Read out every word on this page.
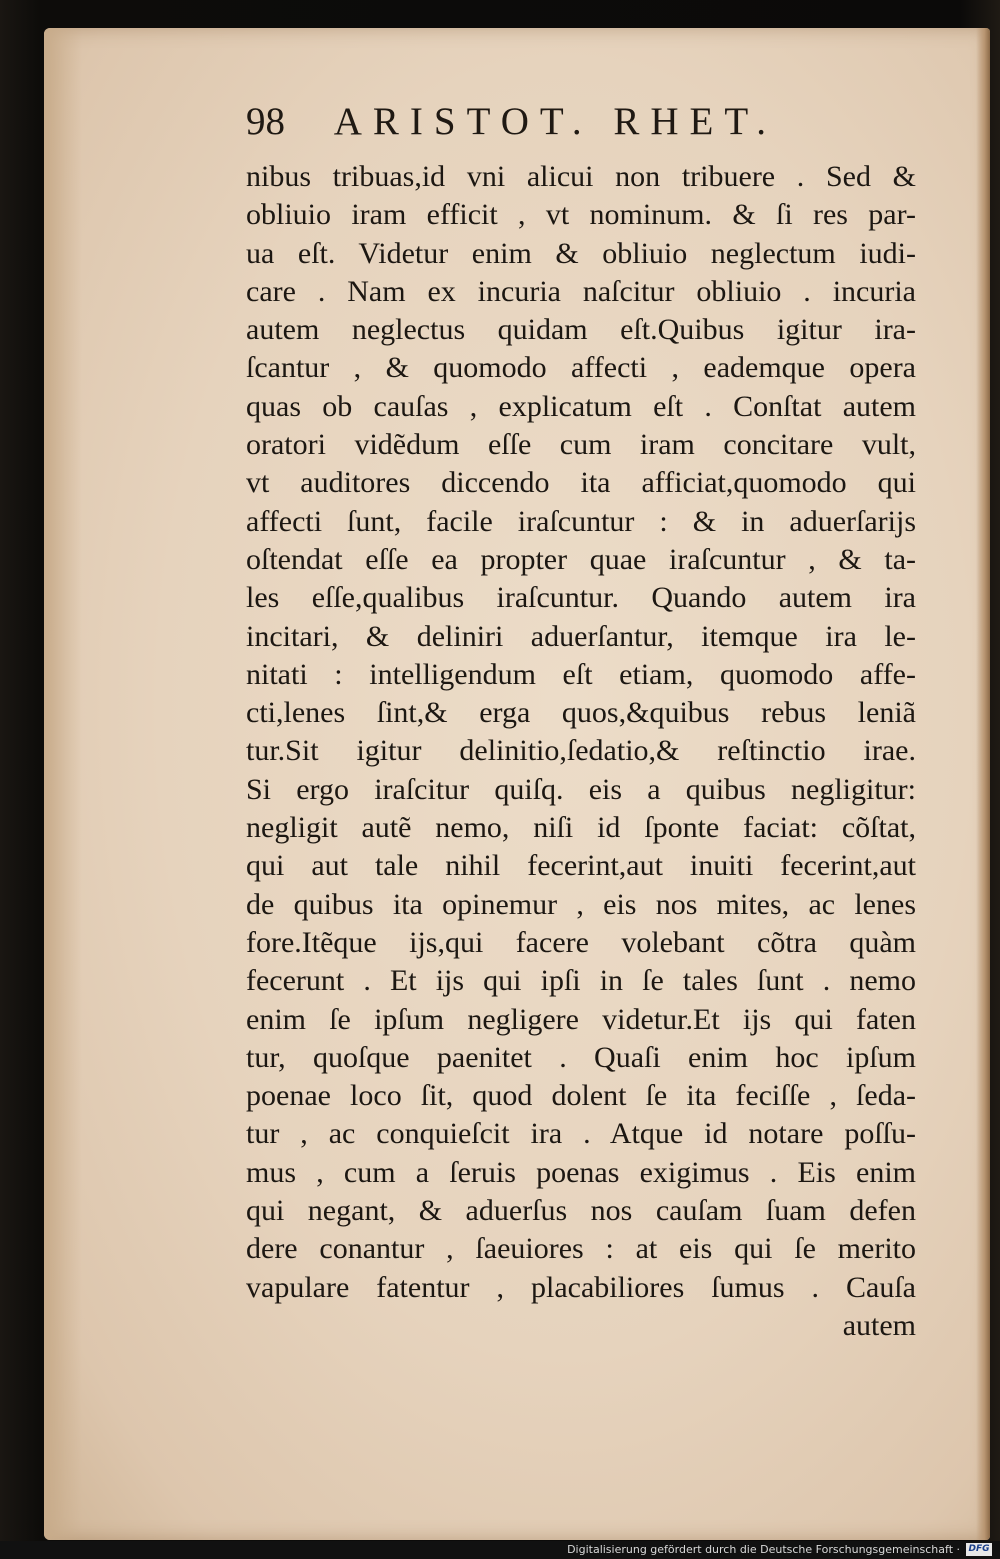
98 ARISTOT. RHET.
nibus tribuas,id vni alicui non tribuere . Sed &
obliuio iram efficit , vt nominum. & ſi res par-
ua eſt. Videtur enim & obliuio neglectum iudi-
care . Nam ex incuria naſcitur obliuio . incuria
autem neglectus quidam eſt.Quibus igitur ira-
ſcantur , & quomodo affecti , eademque opera
quas ob cauſas , explicatum eſt . Conſtat autem
oratori vidẽdum eſſe cum iram concitare vult,
vt auditores diccendo ita afficiat,quomodo qui
affecti ſunt, facile iraſcuntur : & in aduerſarijs
oſtendat eſſe ea propter quae iraſcuntur , & ta-
les eſſe,qualibus iraſcuntur. Quando autem ira
incitari, & deliniri aduerſantur, itemque ira le-
nitati : intelligendum eſt etiam, quomodo affe-
cti,lenes ſint,& erga quos,&quibus rebus leniã
tur.Sit igitur delinitio,ſedatio,& reſtinctio irae.
Si ergo iraſcitur quiſq. eis a quibus negligitur:
negligit autẽ nemo, niſi id ſponte faciat: cõſtat,
qui aut tale nihil fecerint,aut inuiti fecerint,aut
de quibus ita opinemur , eis nos mites, ac lenes
fore.Itẽque ijs,qui facere volebant cõtra quàm
fecerunt . Et ijs qui ipſi in ſe tales ſunt . nemo
enim ſe ipſum negligere videtur.Et ijs qui faten
tur, quoſque paenitet . Quaſi enim hoc ipſum
poenae loco ſit, quod dolent ſe ita feciſſe , ſeda-
tur , ac conquieſcit ira . Atque id notare poſſu-
mus , cum a ſeruis poenas exigimus . Eis enim
qui negant, & aduerſus nos cauſam ſuam defen
dere conantur , ſaeuiores : at eis qui ſe merito
vapulare fatentur , placabiliores ſumus . Cauſa
autem
Digitalisierung gefördert durch die Deutsche Forschungsgemeinschaft · DFG
